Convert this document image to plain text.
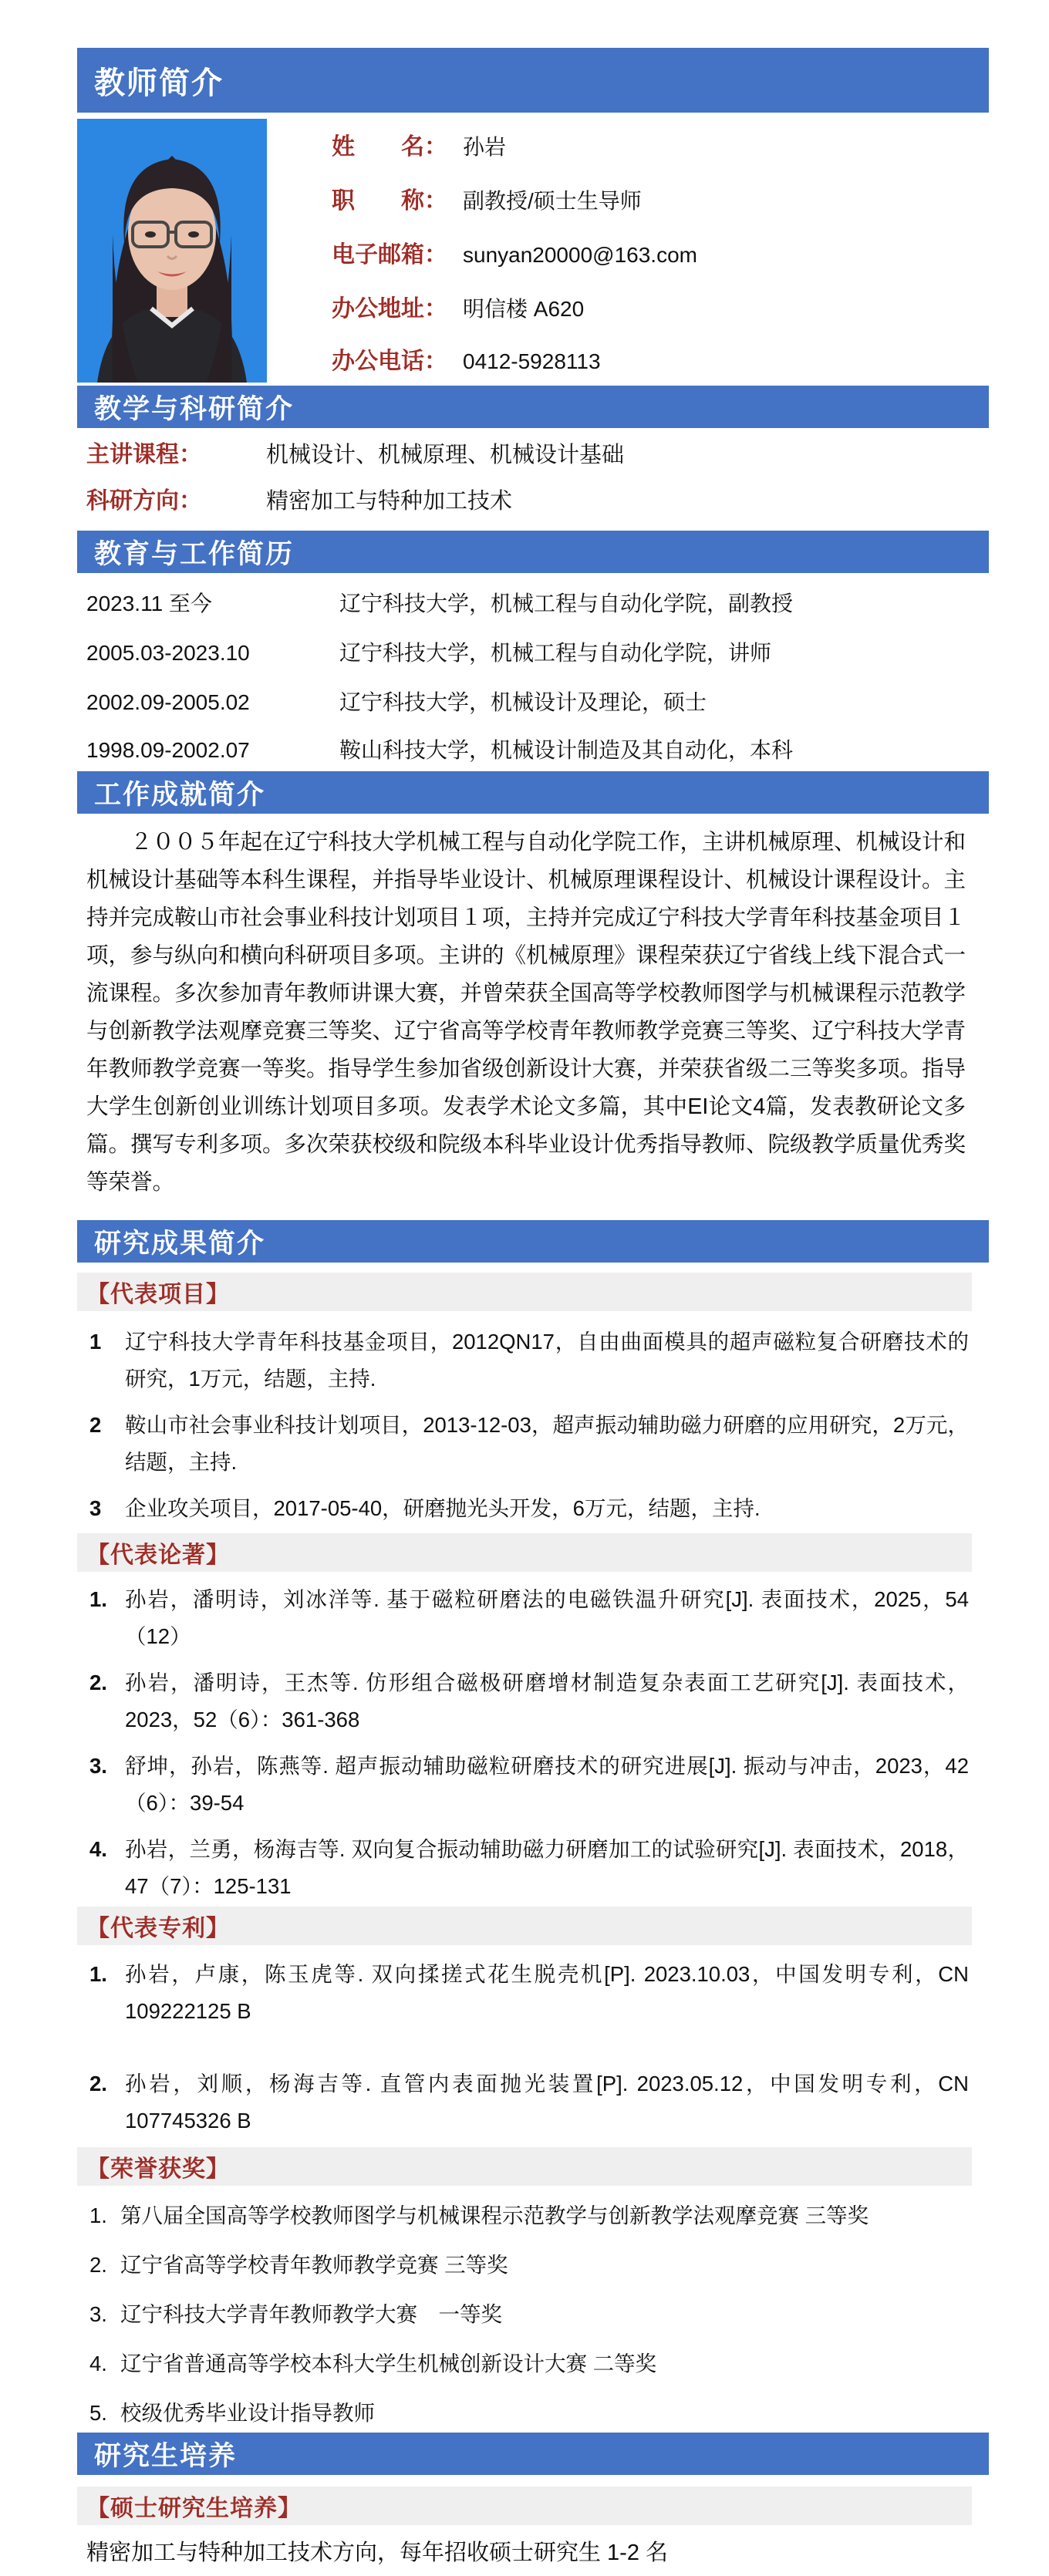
教师简介
姓　　名： 孙岩
职　　称： 副教授/硕士生导师
电子邮箱： sunyan20000@163.com
办公地址： 明信楼 A620
办公电话： 0412-5928113
教学与科研简介
主讲课程：	机械设计、机械原理、机械设计基础
科研方向：	精密加工与特种加工技术
教育与工作简历
2023.11 至今	辽宁科技大学，机械工程与自动化学院，副教授
2005.03-2023.10	辽宁科技大学，机械工程与自动化学院，讲师
2002.09-2005.02	辽宁科技大学，机械设计及理论，硕士
1998.09-2002.07	鞍山科技大学，机械设计制造及其自动化，本科
工作成就简介

２００５年起在辽宁科技大学机械工程与自动化学院工作，主讲机械原理、机械设计和机械设计基础等本科生课程，并指导毕业设计、机械原理课程设计、机械设计课程设计。主持并完成鞍山市社会事业科技计划项目１项，主持并完成辽宁科技大学青年科技基金项目１项，参与纵向和横向科研项目多项。主讲的《机械原理》课程荣获辽宁省线上线下混合式一流课程。多次参加青年教师讲课大赛，并曾荣获全国高等学校教师图学与机械课程示范教学与创新教学法观摩竞赛三等奖、辽宁省高等学校青年教师教学竞赛三等奖、辽宁科技大学青年教师教学竞赛一等奖。指导学生参加省级创新设计大赛，并荣获省级二三等奖多项。指导大学生创新创业训练计划项目多项。发表学术论文多篇，其中EI论文4篇，发表教研论文多篇。撰写专利多项。多次荣获校级和院级本科毕业设计优秀指导教师、院级教学质量优秀奖等荣誉。

研究成果简介
【代表项目】
1	辽宁科技大学青年科技基金项目，2012QN17，自由曲面模具的超声磁粒复合研磨技术的研究，1万元，结题，主持.
2	鞍山市社会事业科技计划项目，2013-12-03，超声振动辅助磁力研磨的应用研究，2万元，结题，主持.
3	企业攻关项目，2017-05-40，研磨抛光头开发，6万元，结题，主持.
【代表论著】
1. 孙岩，潘明诗，刘冰洋等. 基于磁粒研磨法的电磁铁温升研究[J]. 表面技术，2025，54（12）
2. 孙岩，潘明诗，王杰等. 仿形组合磁极研磨增材制造复杂表面工艺研究[J]. 表面技术，2023，52（6）：361-368
3. 舒坤，孙岩，陈燕等. 超声振动辅助磁粒研磨技术的研究进展[J]. 振动与冲击，2023，42（6）：39-54
4. 孙岩，兰勇，杨海吉等. 双向复合振动辅助磁力研磨加工的试验研究[J]. 表面技术，2018，47（7）：125-131
【代表专利】
1. 孙岩，卢康，陈玉虎等. 双向揉搓式花生脱壳机[P]. 2023.10.03，中国发明专利，CN 109222125 B
2. 孙岩，刘顺，杨海吉等. 直管内表面抛光装置[P]. 2023.05.12，中国发明专利，CN 107745326 B
【荣誉获奖】
1. 第八届全国高等学校教师图学与机械课程示范教学与创新教学法观摩竞赛 三等奖
2. 辽宁省高等学校青年教师教学竞赛 三等奖
3. 辽宁科技大学青年教师教学大赛　一等奖
4. 辽宁省普通高等学校本科大学生机械创新设计大赛 二等奖
5. 校级优秀毕业设计指导教师
研究生培养
【硕士研究生培养】
精密加工与特种加工技术方向，每年招收硕士研究生 1-2 名
